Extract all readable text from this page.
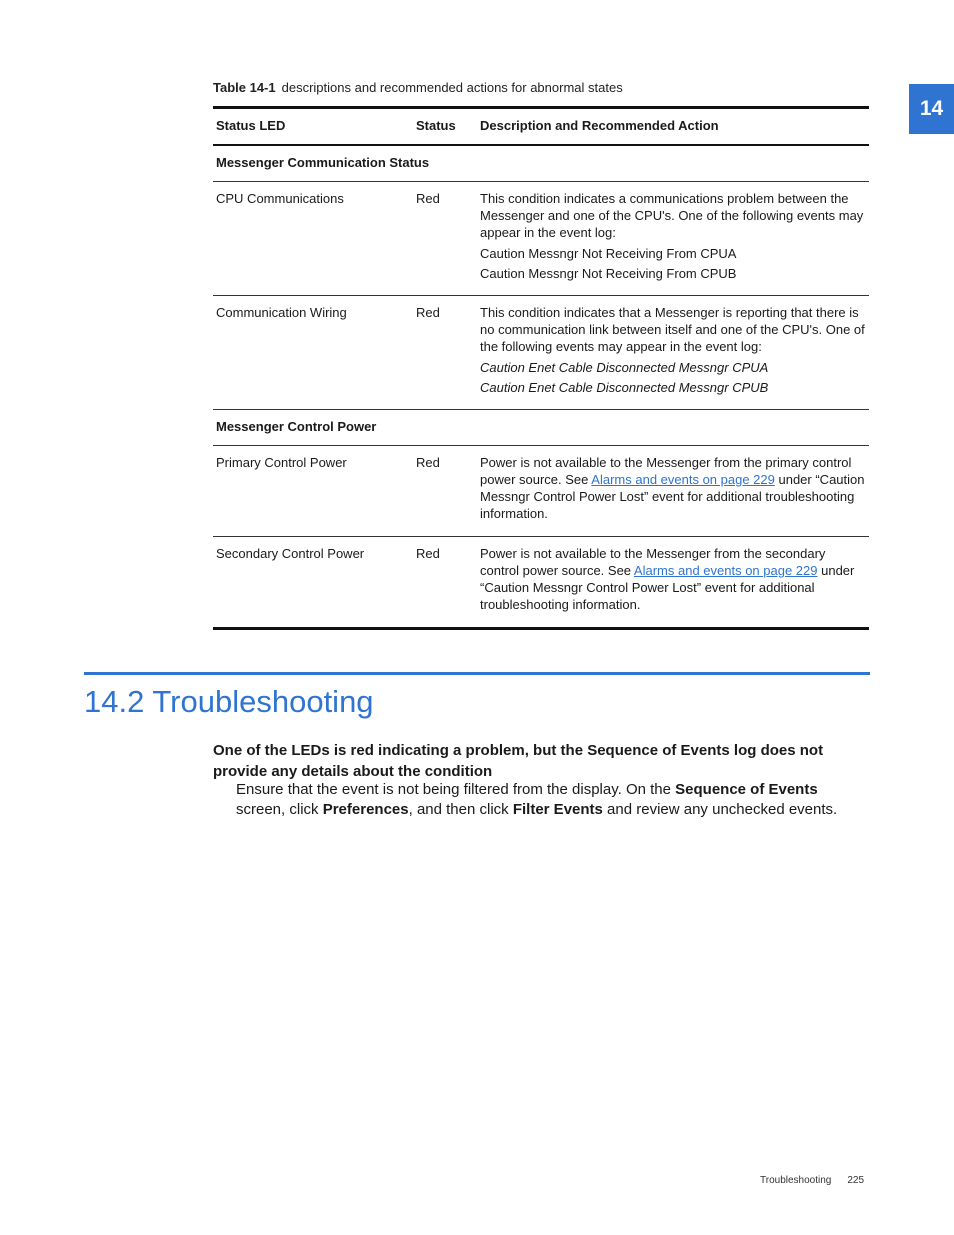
14
Table 14-1 descriptions and recommended actions for abnormal states
Status LED	Status	Description and Recommended Action
Messenger Communication Status		
CPU Communications	Red	This condition indicates a communications problem between the Messenger and one of the CPU's. One of the following events may appear in the event log:

Caution Messngr Not Receiving From CPUA

Caution Messngr Not Receiving From CPUB

Communication Wiring	Red	This condition indicates that a Messenger is reporting that there is no communication link between itself and one of the CPU's. One of the following events may appear in the event log:

Caution Enet Cable Disconnected Messngr CPUA

Caution Enet Cable Disconnected Messngr CPUB

Messenger Control Power		
Primary Control Power	Red	Power is not available to the Messenger from the primary control power source. See Alarms and events on page 229 under “Caution Messngr Control Power Lost” event for additional troubleshooting information.

Secondary Control Power	Red	Power is not available to the Messenger from the secondary control power source. See Alarms and events on page 229 under “Caution Messngr Control Power Lost” event for additional troubleshooting information.

14.2 Troubleshooting
One of the LEDs is red indicating a problem, but the Sequence of Events log does not provide any details about the condition
Ensure that the event is not being filtered from the display. On the Sequence of Events screen, click Preferences, and then click Filter Events and review any unchecked events.
Troubleshooting 225
